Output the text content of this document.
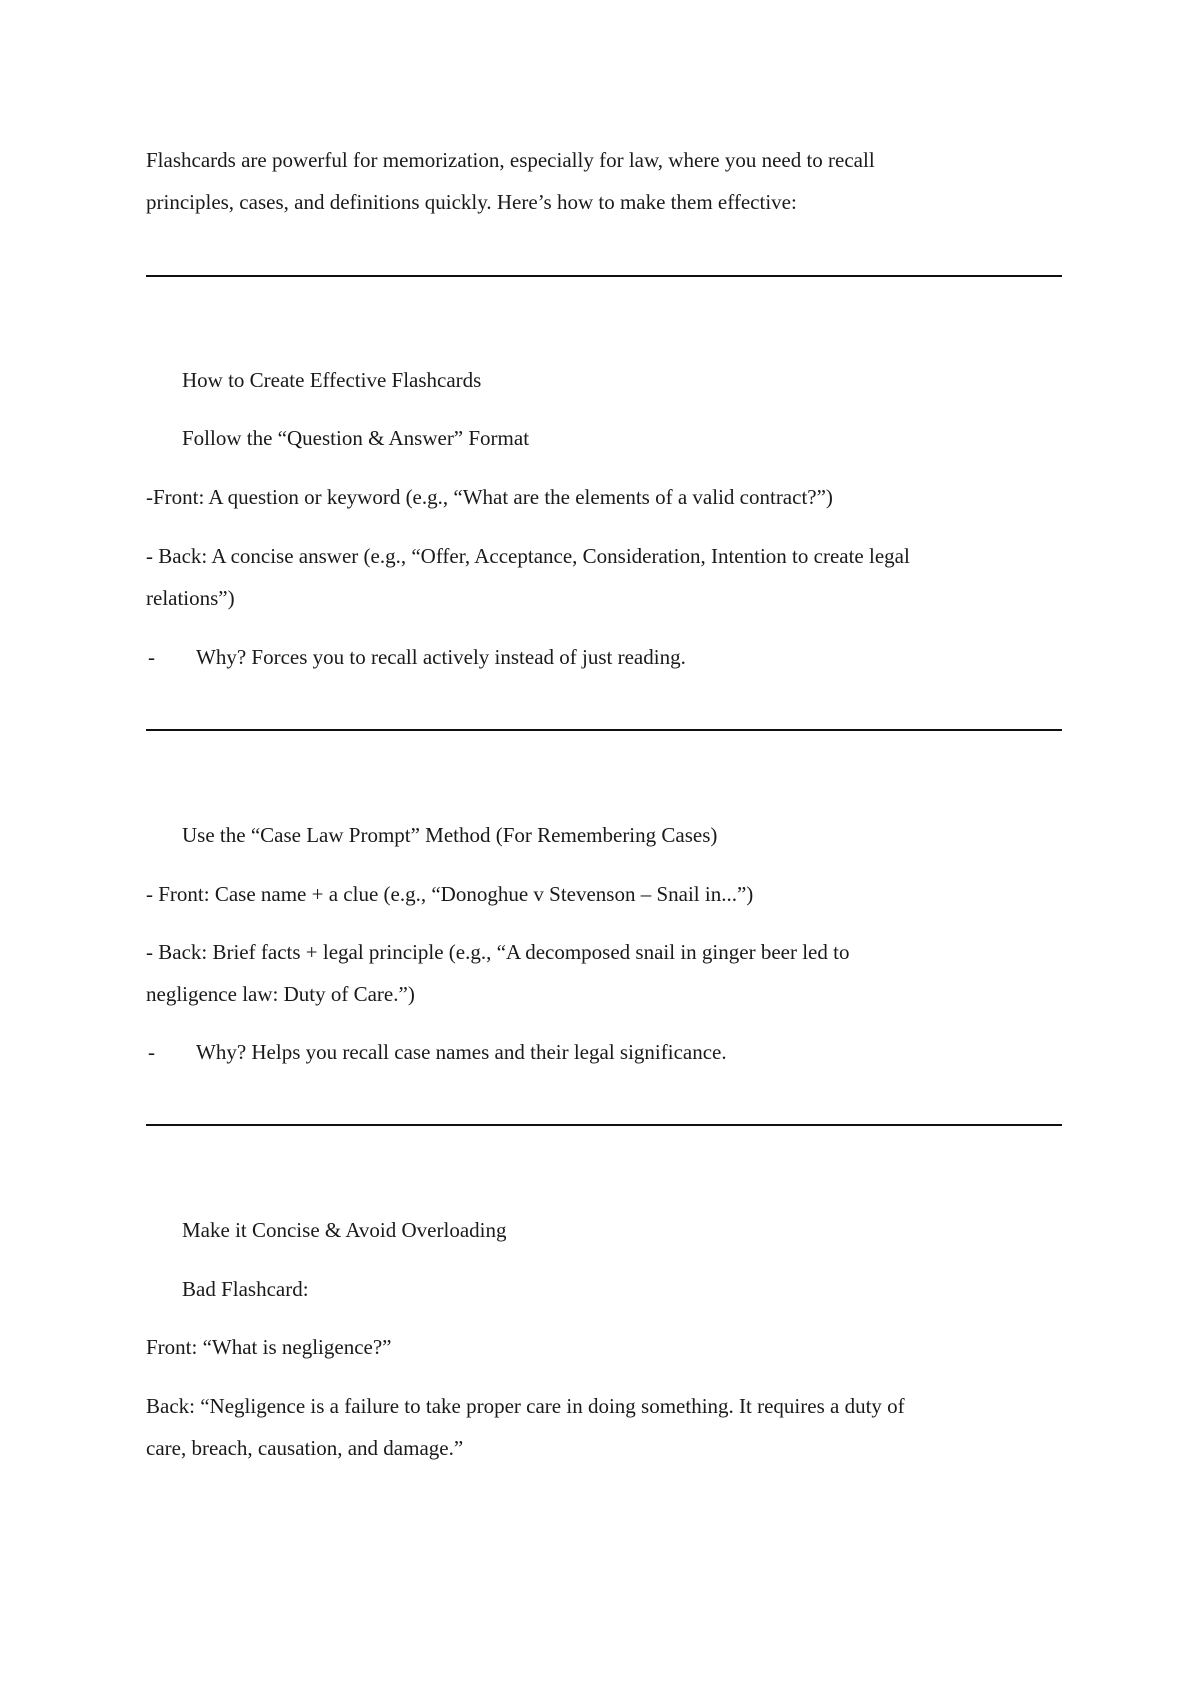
Flashcards are powerful for memorization, especially for law, where you need to recall
principles, cases, and definitions quickly. Here’s how to make them effective:
How to Create Effective Flashcards
Follow the “Question & Answer” Format
-Front: A question or keyword (e.g., “What are the elements of a valid contract?”)
- Back: A concise answer (e.g., “Offer, Acceptance, Consideration, Intention to create legal
relations”)
- Why? Forces you to recall actively instead of just reading.
Use the “Case Law Prompt” Method (For Remembering Cases)
- Front: Case name + a clue (e.g., “Donoghue v Stevenson – Snail in...”)
- Back: Brief facts + legal principle (e.g., “A decomposed snail in ginger beer led to
negligence law: Duty of Care.”)
- Why? Helps you recall case names and their legal significance.
Make it Concise & Avoid Overloading
Bad Flashcard:
Front: “What is negligence?”
Back: “Negligence is a failure to take proper care in doing something. It requires a duty of
care, breach, causation, and damage.”
